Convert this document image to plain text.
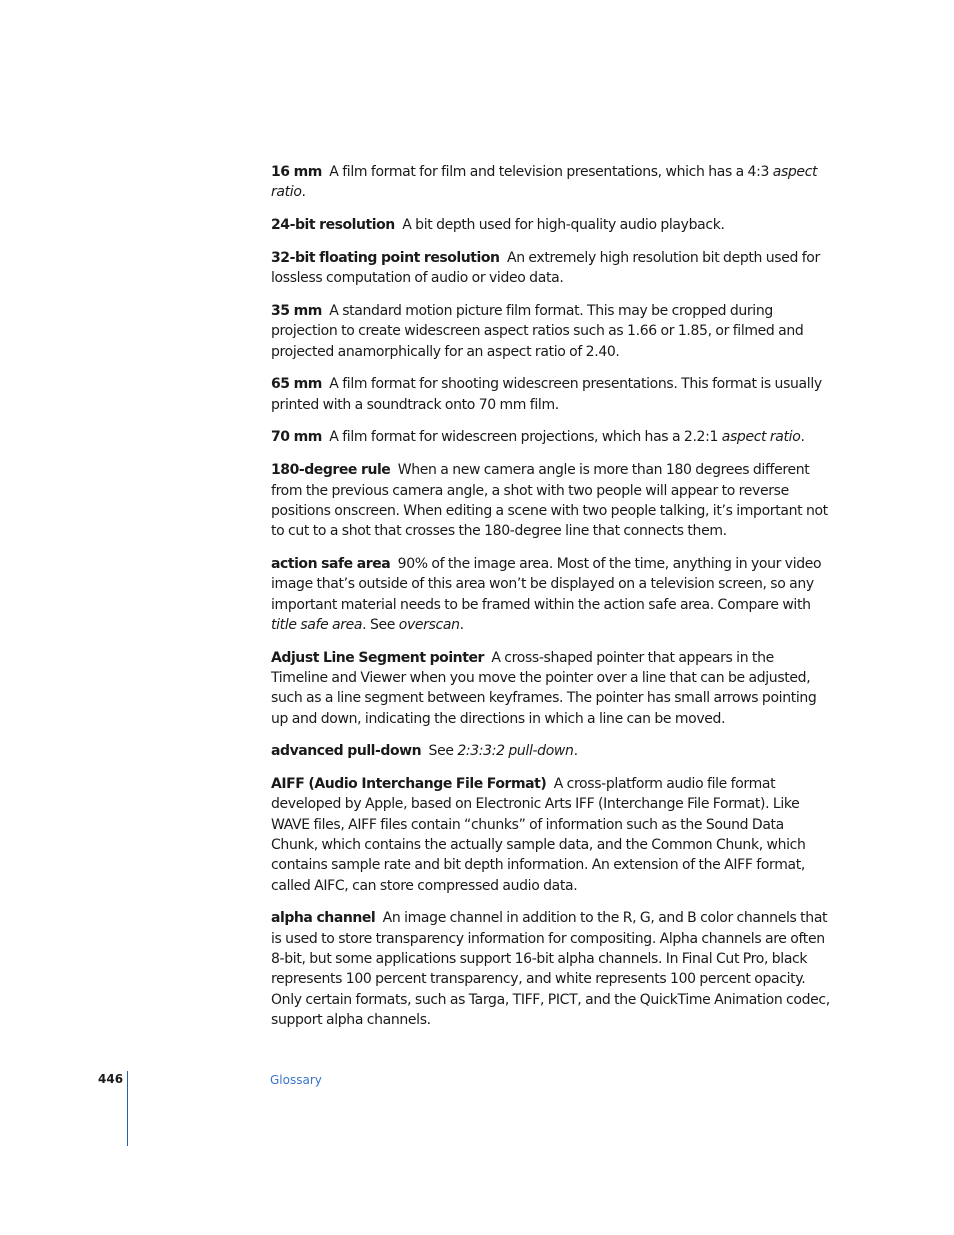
16 mm A film format for film and television presentations, which has a 4:3 aspect ratio.

24-bit resolution A bit depth used for high-quality audio playback.

32-bit floating point resolution An extremely high resolution bit depth used for lossless computation of audio or video data.

35 mm A standard motion picture film format. This may be cropped during projection to create widescreen aspect ratios such as 1.66 or 1.85, or filmed and projected anamorphically for an aspect ratio of 2.40.

65 mm A film format for shooting widescreen presentations. This format is usually printed with a soundtrack onto 70 mm film.

70 mm A film format for widescreen projections, which has a 2.2:1 aspect ratio.

180-degree rule When a new camera angle is more than 180 degrees different from the previous camera angle, a shot with two people will appear to reverse positions onscreen. When editing a scene with two people talking, it’s important not to cut to a shot that crosses the 180-degree line that connects them.

action safe area 90% of the image area. Most of the time, anything in your video image that’s outside of this area won’t be displayed on a television screen, so any important material needs to be framed within the action safe area. Compare with title safe area. See overscan.

Adjust Line Segment pointer A cross-shaped pointer that appears in the Timeline and Viewer when you move the pointer over a line that can be adjusted, such as a line segment between keyframes. The pointer has small arrows pointing up and down, indicating the directions in which a line can be moved.

advanced pull-down See 2:3:3:2 pull-down.

AIFF (Audio Interchange File Format) A cross-platform audio file format developed by Apple, based on Electronic Arts IFF (Interchange File Format). Like WAVE files, AIFF files contain “chunks” of information such as the Sound Data Chunk, which contains the actually sample data, and the Common Chunk, which contains sample rate and bit depth information. An extension of the AIFF format, called AIFC, can store compressed audio data.

alpha channel An image channel in addition to the R, G, and B color channels that is used to store transparency information for compositing. Alpha channels are often 8-bit, but some applications support 16-bit alpha channels. In Final Cut Pro, black represents 100 percent transparency, and white represents 100 percent opacity. Only certain formats, such as Targa, TIFF, PICT, and the QuickTime Animation codec, support alpha channels.

446	Glossary
